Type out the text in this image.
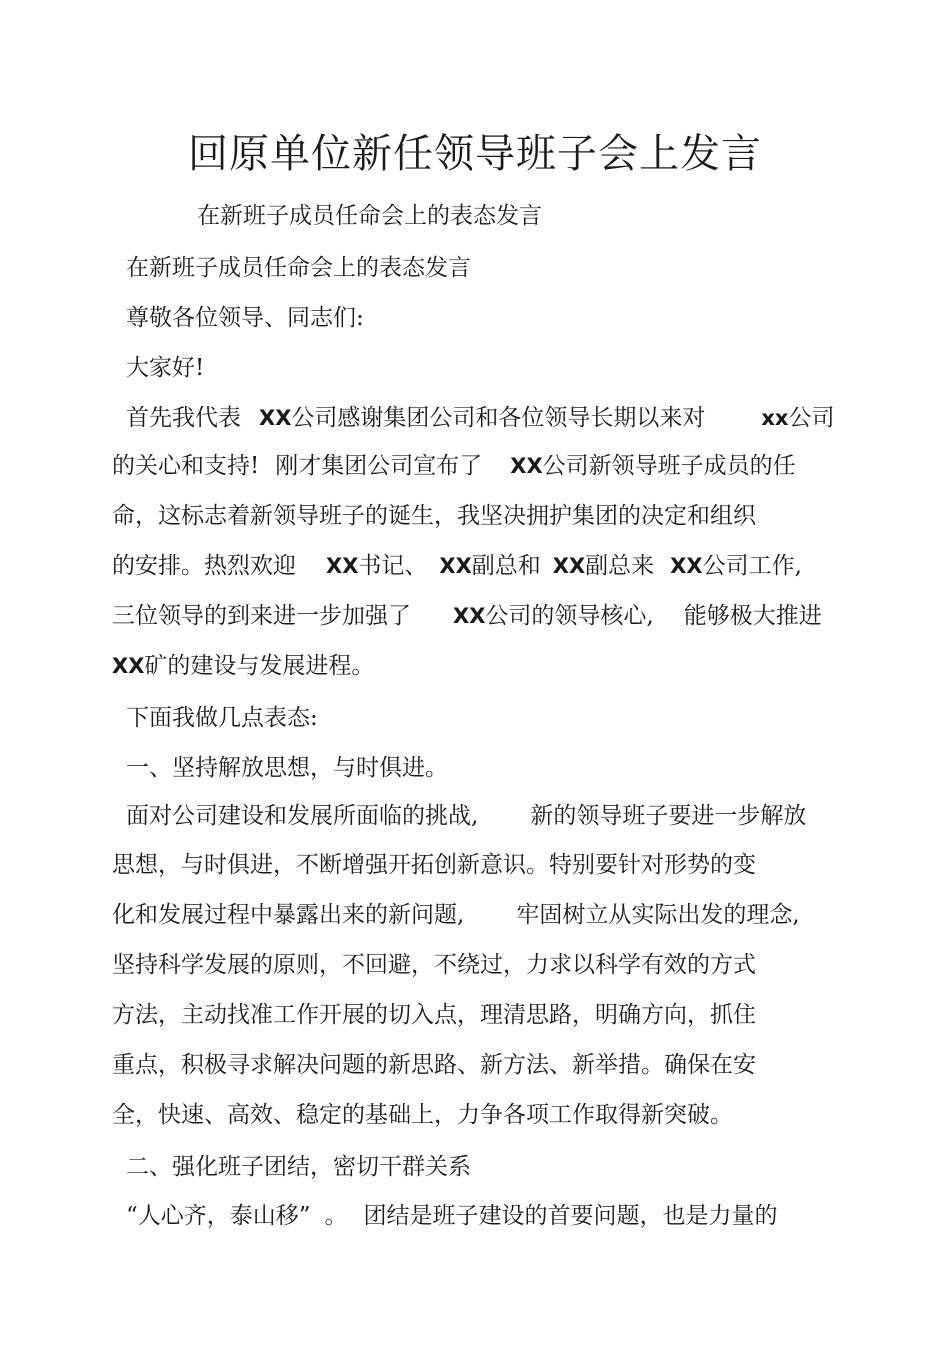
回原单位新任领导班子会上发言
在新班子成员任命会上的表态发言
在新班子成员任命会上的表态发言
尊敬各位领导、同志们:
大家好!
首先我代表 XX公司感谢集团公司和各位领导长期以来对	xx公司
的关心和支持! 刚才集团公司宣布了 XX公司新领导班子成员的任
命，这标志着新领导班子的诞生，我坚决拥护集团的决定和组织
的安排。热烈欢迎 XX书记、 XX副总和 XX副总来 XX公司工作,
三位领导的到来进一步加强了 XX公司的领导核心, 能够极大推进
XX矿的建设与发展进程。
下面我做几点表态:
一、坚持解放思想，与时俱进。
面对公司建设和发展所面临的挑战, 新的领导班子要进一步解放
思想，与时俱进，不断增强开拓创新意识。特别要针对形势的变
化和发展过程中暴露出来的新问题, 牢固树立从实际出发的理念,
坚持科学发展的原则，不回避，不绕过，力求以科学有效的方式
方法，主动找准工作开展的切入点，理清思路，明确方向，抓住
重点，积极寻求解决问题的新思路、新方法、新举措。确保在安
全，快速、高效、稳定的基础上，力争各项工作取得新突破。
二、强化班子团结，密切干群关系
“人心齐，泰山移” 。 团结是班子建设的首要问题，也是力量的
